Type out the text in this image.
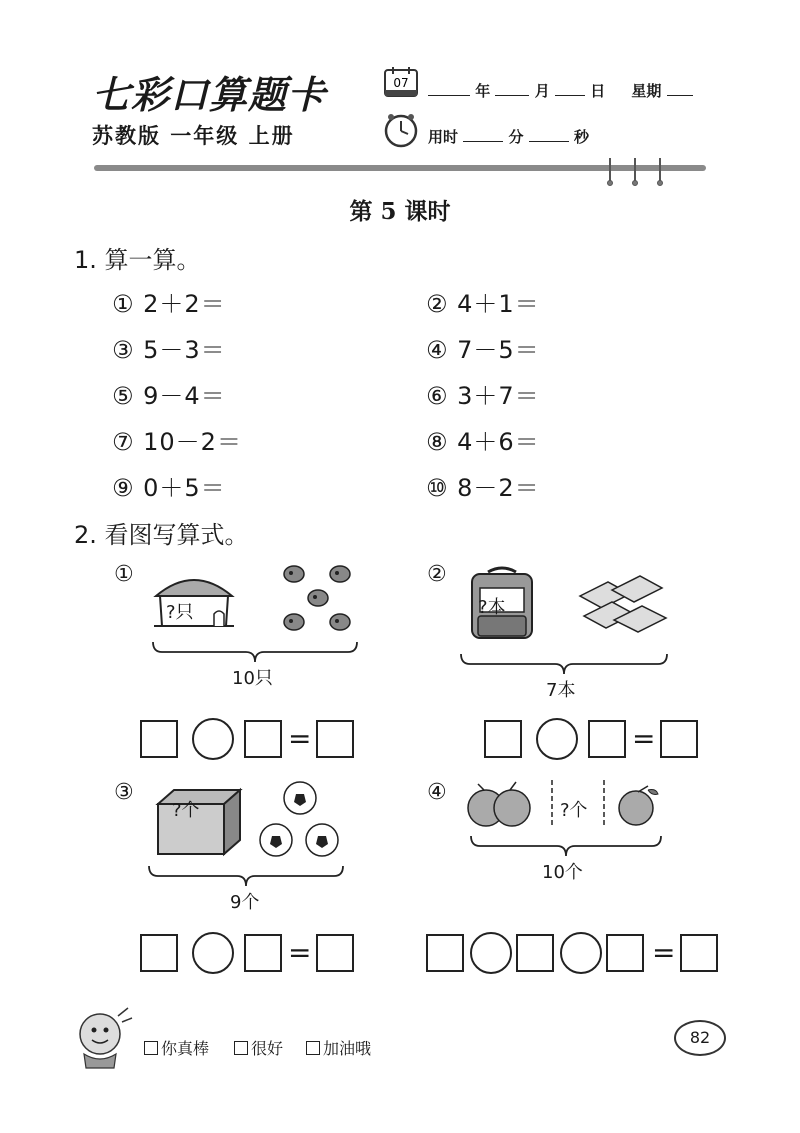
七彩口算题卡
苏教版 一年级 上册
07	年	月	日 星期
用时	分	秒
第 5 课时
1. 算一算。
① 2＋2＝	② 4＋1＝
③ 5－3＝	④ 7－5＝
⑤ 9－4＝	⑥ 3＋7＝
⑦ 10－2＝	⑧ 4＋6＝
⑨ 0＋5＝	⑩ 8－2＝
2. 看图写算式。
①
?只
10只
=
②
?本
7本
=
③
?个
9个
=
④
?个
10个
=
你真棒	很好	加油哦
82
